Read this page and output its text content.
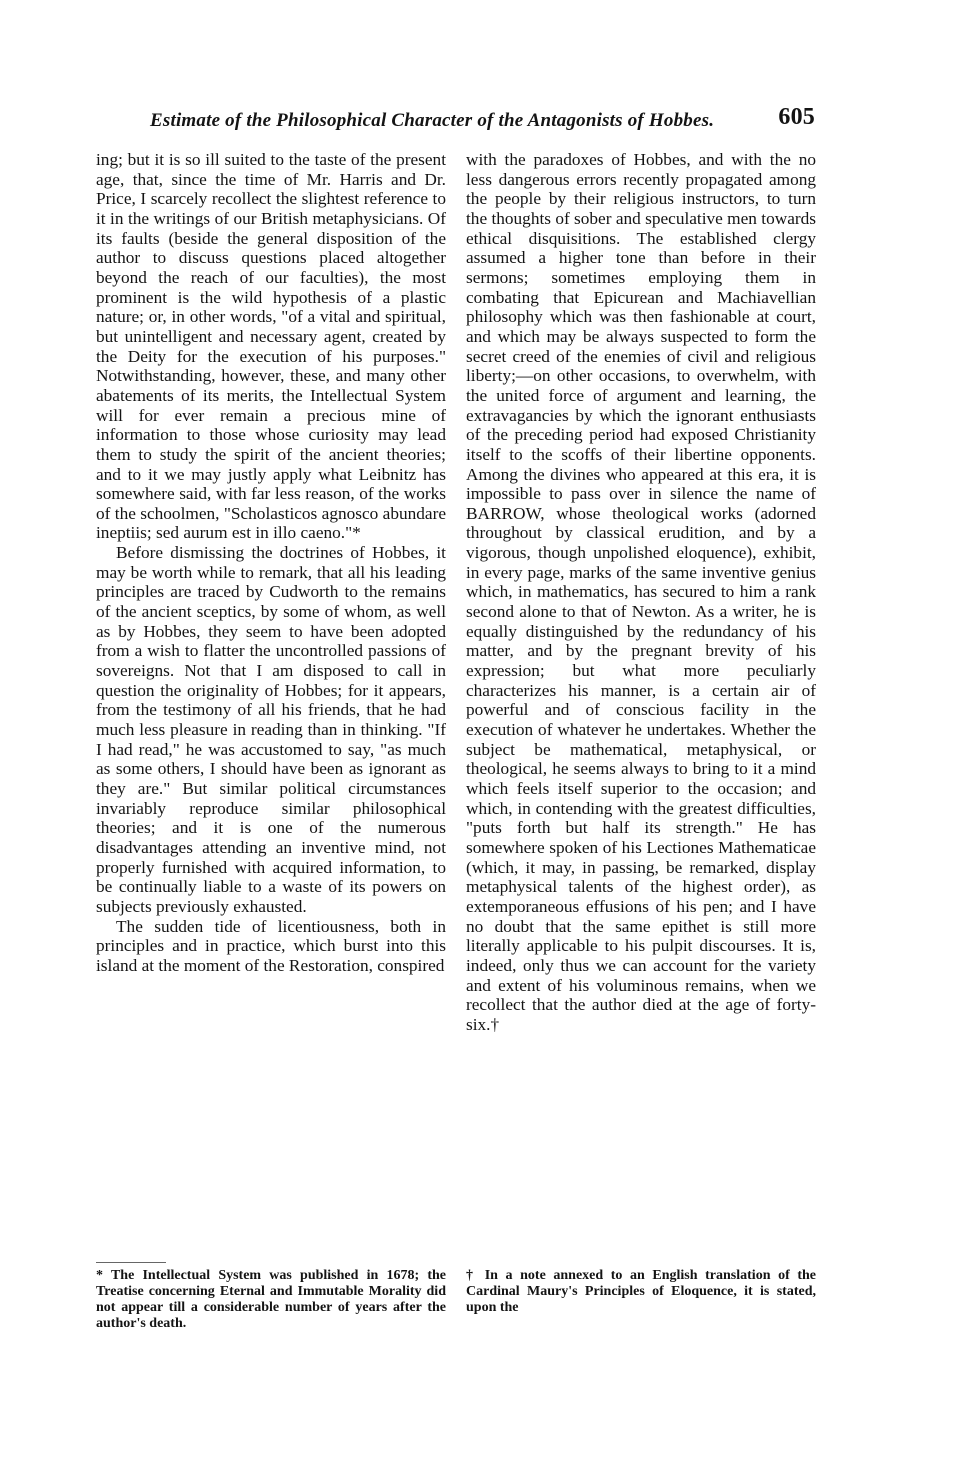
Estimate of the Philosophical Character of the Antagonists of Hobbes.	605

ing; but it is so ill suited to the taste of the present age, that, since the time of Mr. Harris and Dr. Price, I scarcely recollect the slightest reference to it in the writings of our British metaphysicians. Of its faults (beside the general disposition of the author to discuss questions placed altogether beyond the reach of our faculties), the most prominent is the wild hypothesis of a plastic nature; or, in other words, "of a vital and spiritual, but unintelligent and necessary agent, created by the Deity for the execution of his purposes." Notwithstanding, however, these, and many other abatements of its merits, the Intellectual System will for ever remain a precious mine of information to those whose curiosity may lead them to study the spirit of the ancient theories; and to it we may justly apply what Leibnitz has somewhere said, with far less reason, of the works of the schoolmen, "Scholasticos agnosco abundare ineptiis; sed aurum est in illo caeno."*

Before dismissing the doctrines of Hobbes, it may be worth while to remark, that all his leading principles are traced by Cudworth to the remains of the ancient sceptics, by some of whom, as well as by Hobbes, they seem to have been adopted from a wish to flatter the uncontrolled passions of sovereigns. Not that I am disposed to call in question the originality of Hobbes; for it appears, from the testimony of all his friends, that he had much less pleasure in reading than in thinking. "If I had read," he was accustomed to say, "as much as some others, I should have been as ignorant as they are." But similar political circumstances invariably reproduce similar philosophical theories; and it is one of the numerous disadvantages attending an inventive mind, not properly furnished with acquired information, to be continually liable to a waste of its powers on subjects previously exhausted.

The sudden tide of licentiousness, both in principles and in practice, which burst into this island at the moment of the Restoration, conspired

with the paradoxes of Hobbes, and with the no less dangerous errors recently propagated among the people by their religious instructors, to turn the thoughts of sober and speculative men towards ethical disquisitions. The established clergy assumed a higher tone than before in their sermons; sometimes employing them in combating that Epicurean and Machiavellian philosophy which was then fashionable at court, and which may be always suspected to form the secret creed of the enemies of civil and religious liberty;—on other occasions, to overwhelm, with the united force of argument and learning, the extravagancies by which the ignorant enthusiasts of the preceding period had exposed Christianity itself to the scoffs of their libertine opponents. Among the divines who appeared at this era, it is impossible to pass over in silence the name of BARROW, whose theological works (adorned throughout by classical erudition, and by a vigorous, though unpolished eloquence), exhibit, in every page, marks of the same inventive genius which, in mathematics, has secured to him a rank second alone to that of Newton. As a writer, he is equally distinguished by the redundancy of his matter, and by the pregnant brevity of his expression; but what more peculiarly characterizes his manner, is a certain air of powerful and of conscious facility in the execution of whatever he undertakes. Whether the subject be mathematical, metaphysical, or theological, he seems always to bring to it a mind which feels itself superior to the occasion; and which, in contending with the greatest difficulties, "puts forth but half its strength." He has somewhere spoken of his Lectiones Mathematicae (which, it may, in passing, be remarked, display metaphysical talents of the highest order), as extemporaneous effusions of his pen; and I have no doubt that the same epithet is still more literally applicable to his pulpit discourses. It is, indeed, only thus we can account for the variety and extent of his voluminous remains, when we recollect that the author died at the age of forty-six.†

* The Intellectual System was published in 1678; the Treatise concerning Eternal and Immutable Morality did not appear till a considerable number of years after the author's death.

† In a note annexed to an English translation of the Cardinal Maury's Principles of Eloquence, it is stated, upon the
